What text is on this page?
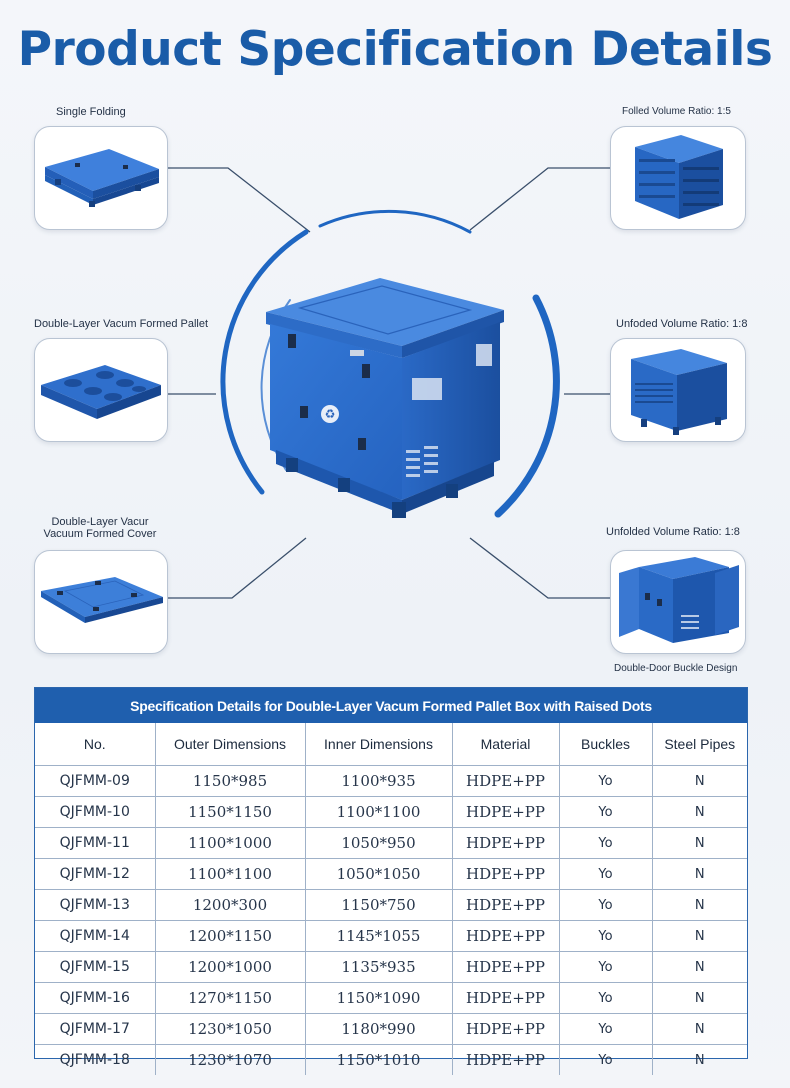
Product Specification Details
♻
Single Folding
Double-Layer Vacum Formed Pallet
Double-Layer Vacur
Vacuum Formed Cover
Folled Volume Ratio: 1:5
Unfoded Volume Ratio: 1:8
Unfolded Volume Ratio: 1:8
Double-Door Buckle Design
Specification Details for Double-Layer Vacum Formed Pallet Box with Raised Dots
No.	Outer Dimensions	Inner Dimensions	Material	Buckles	Steel Pipes
QJFMM-09	1150*985	1100*935	HDPE+PP	Yo	N
QJFMM-10	1150*1150	1100*1100	HDPE+PP	Yo	N
QJFMM-11	1100*1000	1050*950	HDPE+PP	Yo	N
QJFMM-12	1100*1100	1050*1050	HDPE+PP	Yo	N
QJFMM-13	1200*300	1150*750	HDPE+PP	Yo	N
QJFMM-14	1200*1150	1145*1055	HDPE+PP	Yo	N
QJFMM-15	1200*1000	1135*935	HDPE+PP	Yo	N
QJFMM-16	1270*1150	1150*1090	HDPE+PP	Yo	N
QJFMM-17	1230*1050	1180*990	HDPE+PP	Yo	N
QJFMM-18	1230*1070	1150*1010	HDPE+PP	Yo	N
